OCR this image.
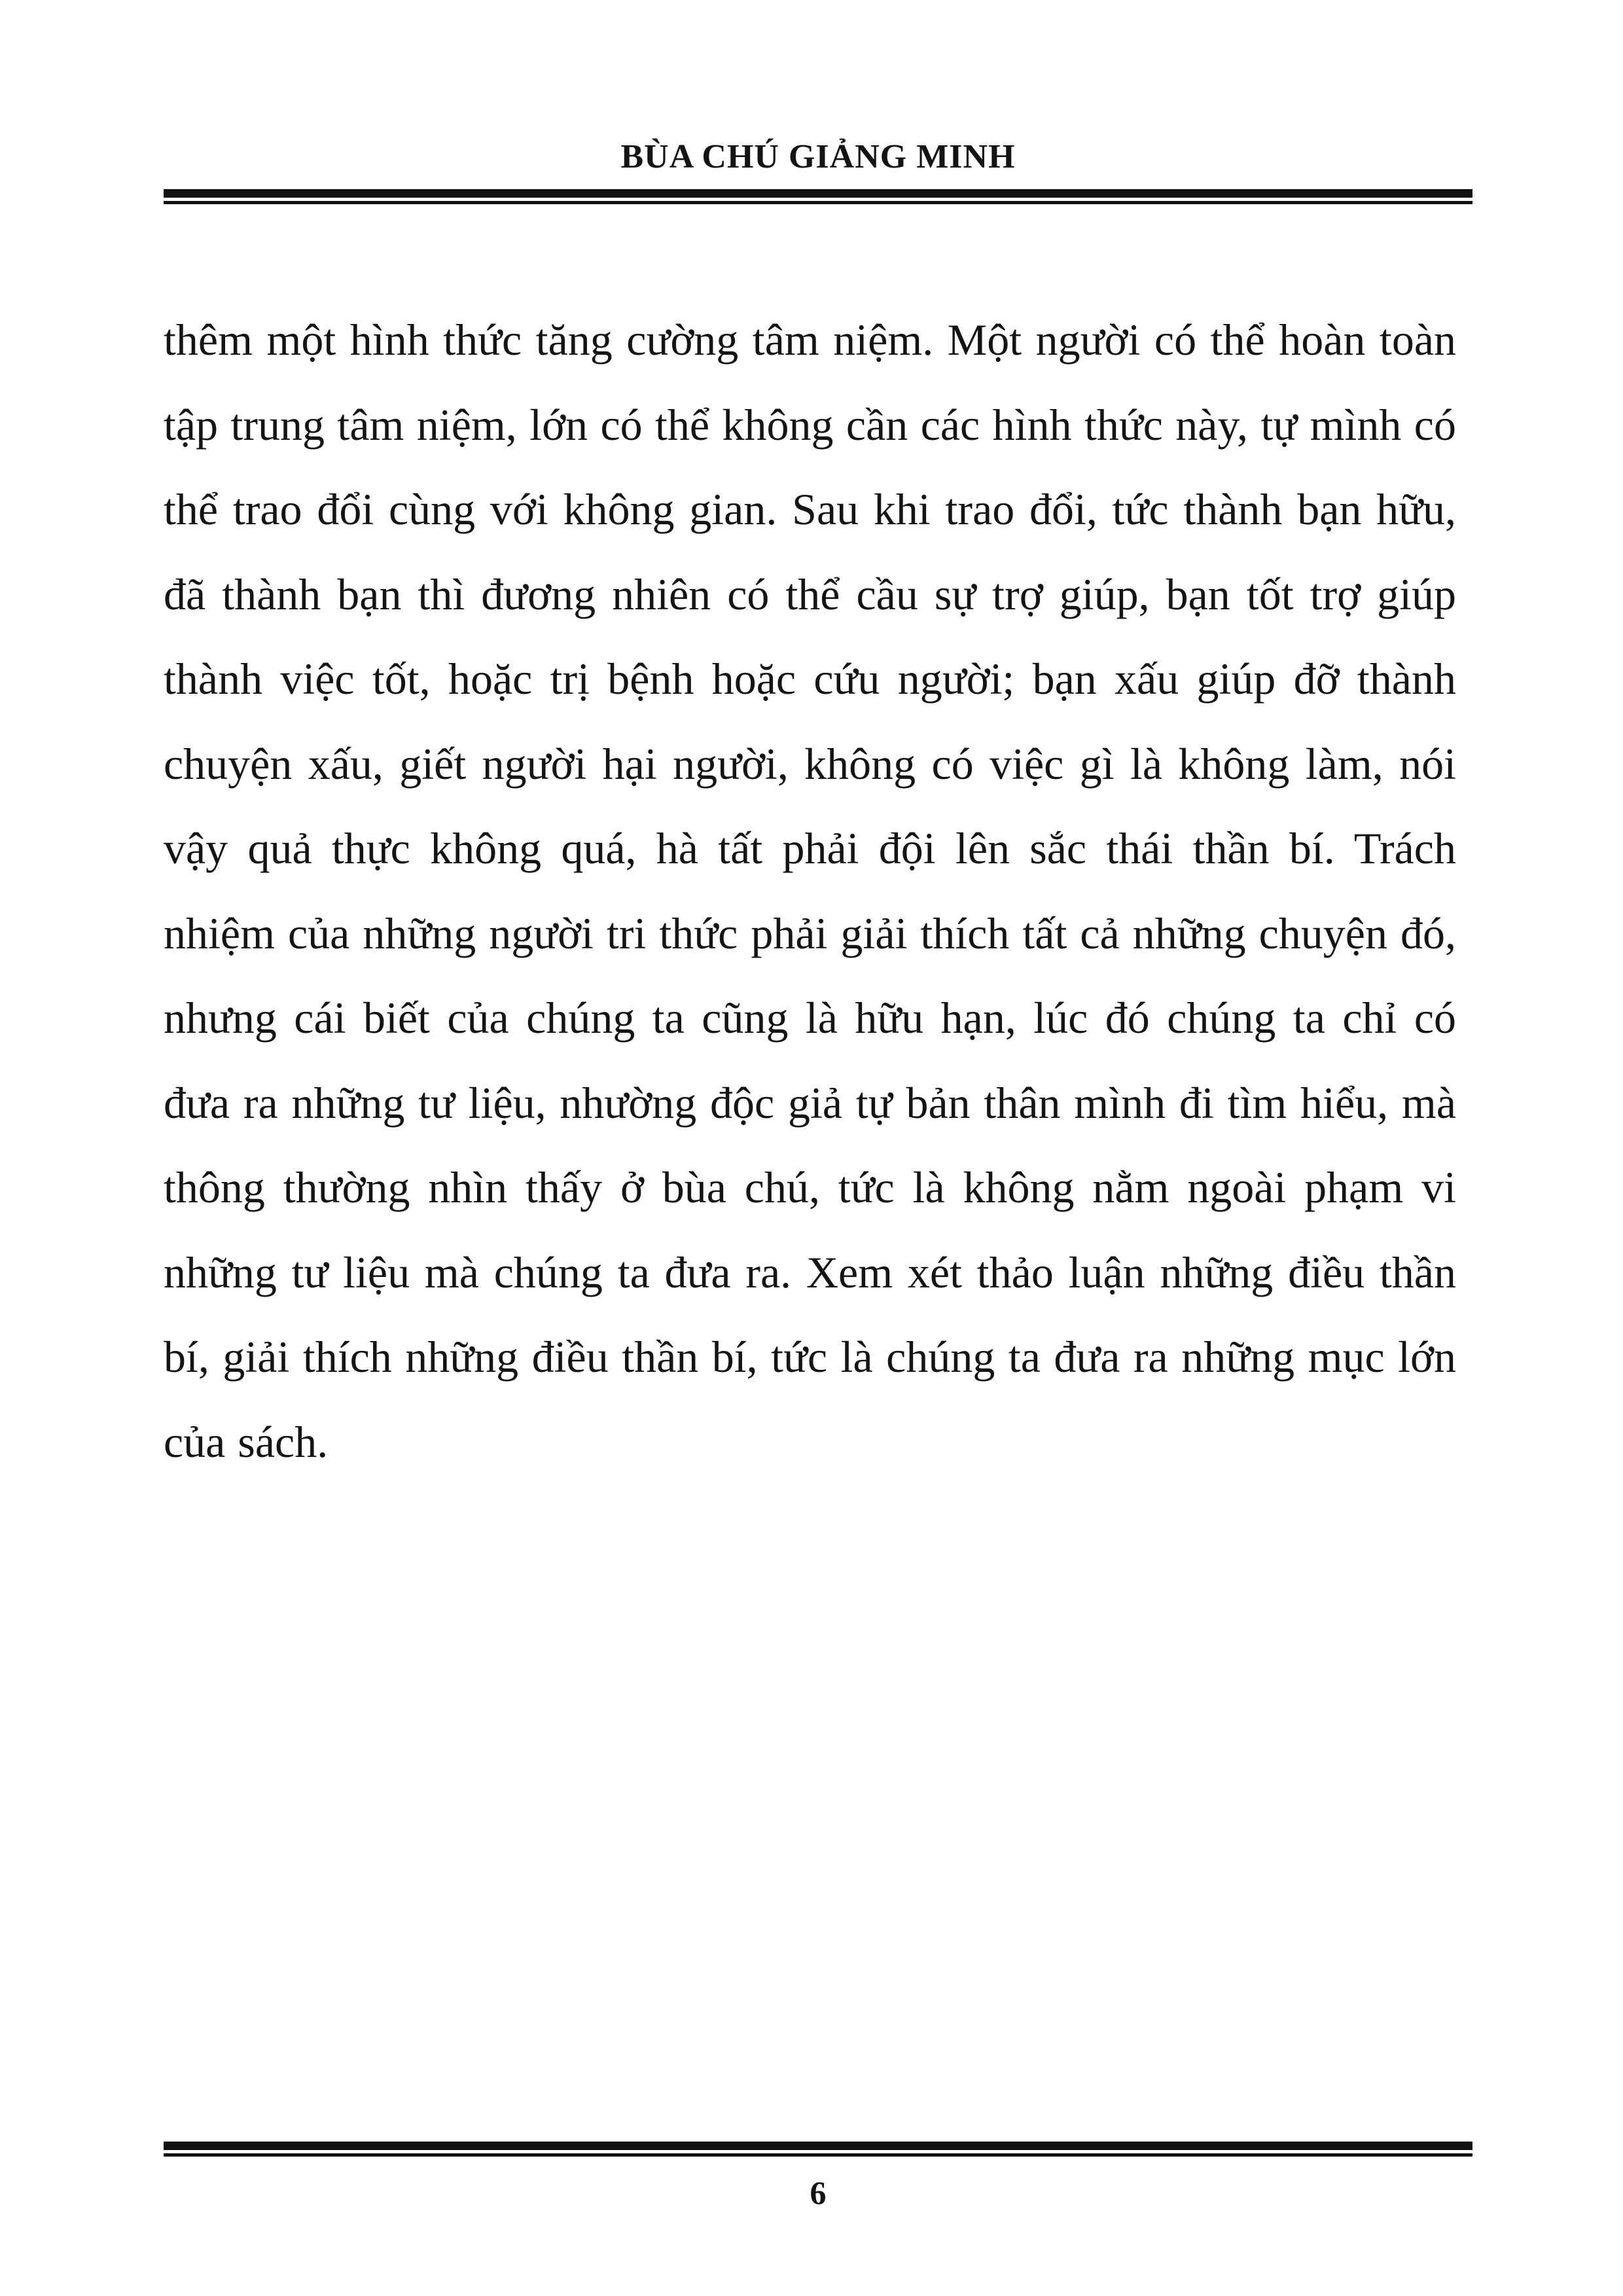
BÙA CHÚ GIẢNG MINH

thêm một hình thức tăng cường tâm niệm. Một người có thể hoàn toàn tập trung tâm niệm, lớn có thể không cần các hình thức này, tự mình có thể trao đổi cùng với không gian. Sau khi trao đổi, tức thành bạn hữu, đã thành bạn thì đương nhiên có thể cầu sự trợ giúp, bạn tốt trợ giúp thành việc tốt, hoặc trị bệnh hoặc cứu người; bạn xấu giúp đỡ thành chuyện xấu, giết người hại người, không có việc gì là không làm, nói vậy quả thực không quá, hà tất phải đội lên sắc thái thần bí. Trách nhiệm của những người tri thức phải giải thích tất cả những chuyện đó, nhưng cái biết của chúng ta cũng là hữu hạn, lúc đó chúng ta chỉ có đưa ra những tư liệu, nhường độc giả tự bản thân mình đi tìm hiểu, mà thông thường nhìn thấy ở bùa chú, tức là không nằm ngoài phạm vi những tư liệu mà chúng ta đưa ra. Xem xét thảo luận những điều thần bí, giải thích những điều thần bí, tức là chúng ta đưa ra những mục lớn của sách.

6
